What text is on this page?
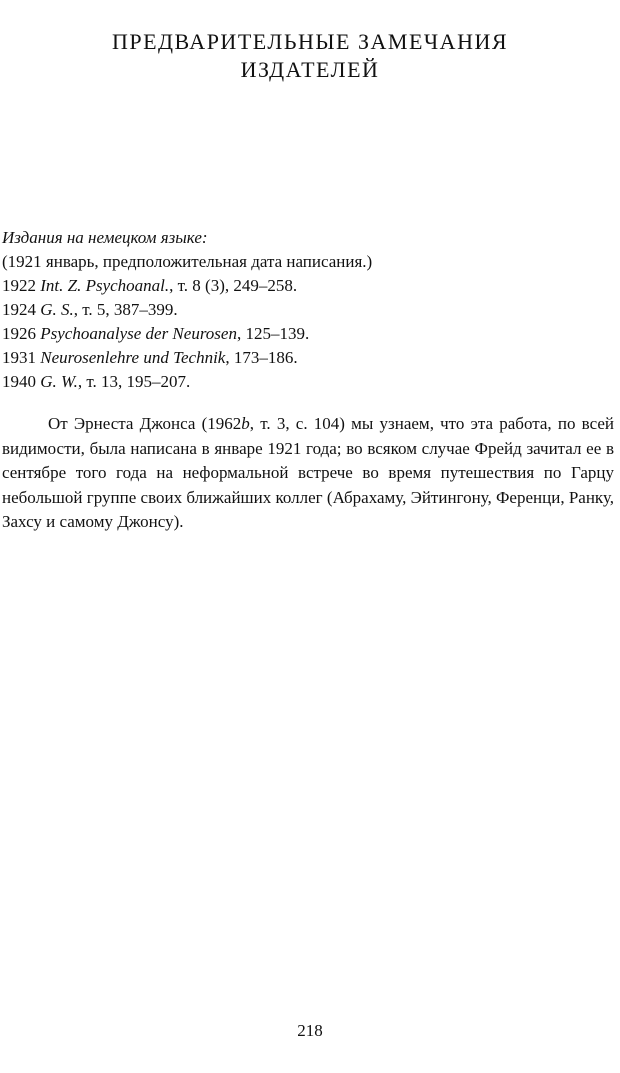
ПРЕДВАРИТЕЛЬНЫЕ ЗАМЕЧАНИЯ
ИЗДАТЕЛЕЙ
Издания на немецком языке:
(1921 январь, предположительная дата написания.)
1922 Int. Z. Psychoanal., т. 8 (3), 249–258.
1924 G. S., т. 5, 387–399.
1926 Psychoanalyse der Neurosen, 125–139.
1931 Neurosenlehre und Technik, 173–186.
1940 G. W., т. 13, 195–207.

От Эрнеста Джонса (1962b, т. 3, с. 104) мы узнаем, что эта работа, по всей видимости, была написана в январе 1921 года; во всяком случае Фрейд зачитал ее в сентябре того года на неформальной встрече во время путешествия по Гарцу небольшой группе своих ближайших коллег (Абрахаму, Эйтингону, Ференци, Ранку, Захсу и самому Джонсу).

218
